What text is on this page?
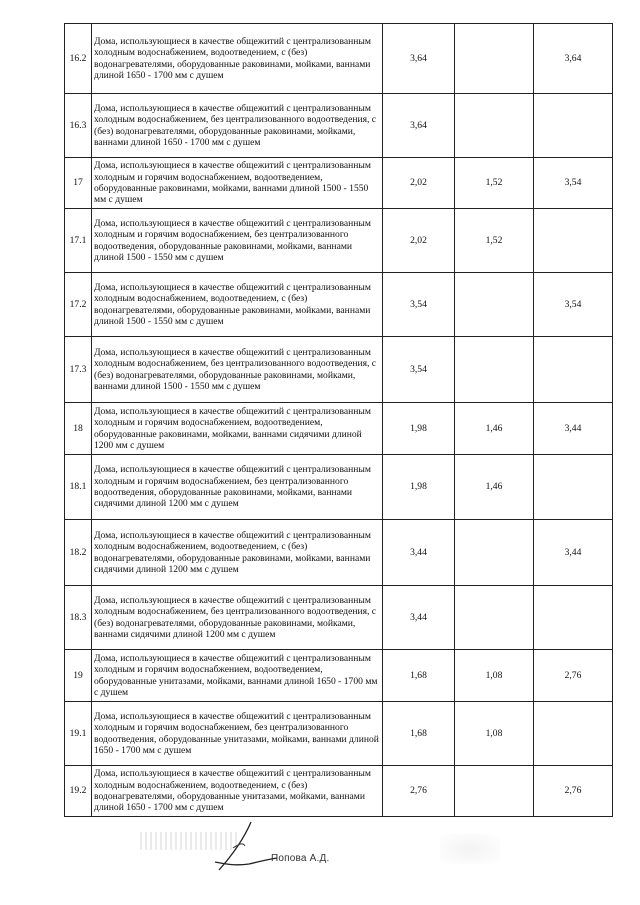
16.2	Дома, использующиеся в качестве общежитий с централизованным холодным водоснабжением, водоотведением, с (без) водонагревателями, оборудованные раковинами, мойками, ваннами длиной 1650 - 1700 мм с душем	3,64		3,64
16.3	Дома, использующиеся в качестве общежитий с централизованным холодным водоснабжением, без централизованного водоотведения, с (без) водонагревателями, оборудованные раковинами, мойками, ваннами длиной 1650 - 1700 мм с душем	3,64		
17	Дома, использующиеся в качестве общежитий с централизованным холодным и горячим водоснабжением, водоотведением, оборудованные раковинами, мойками, ваннами длиной 1500 - 1550 мм с душем	2,02	1,52	3,54
17.1	Дома, использующиеся в качестве общежитий с централизованным холодным и горячим водоснабжением, без централизованного водоотведения, оборудованные раковинами, мойками, ваннами длиной 1500 - 1550 мм с душем	2,02	1,52	
17.2	Дома, использующиеся в качестве общежитий с централизованным холодным водоснабжением, водоотведением, с (без) водонагревателями, оборудованные раковинами, мойками, ваннами длиной 1500 - 1550 мм с душем	3,54		3,54
17.3	Дома, использующиеся в качестве общежитий с централизованным холодным водоснабжением, без централизованного водоотведения, с (без) водонагревателями, оборудованные раковинами, мойками, ваннами длиной 1500 - 1550 мм с душем	3,54		
18	Дома, использующиеся в качестве общежитий с централизованным холодным и горячим водоснабжением, водоотведением, оборудованные раковинами, мойками, ваннами сидячими длиной 1200 мм с душем	1,98	1,46	3,44
18.1	Дома, использующиеся в качестве общежитий с централизованным холодным и горячим водоснабжением, без централизованного водоотведения, оборудованные раковинами, мойками, ваннами сидячими длиной 1200 мм с душем	1,98	1,46	
18.2	Дома, использующиеся в качестве общежитий с централизованным холодным водоснабжением, водоотведением, с (без) водонагревателями, оборудованные раковинами, мойками, ваннами сидячими длиной 1200 мм с душем	3,44		3,44
18.3	Дома, использующиеся в качестве общежитий с централизованным холодным водоснабжением, без централизованного водоотведения, с (без) водонагревателями, оборудованные раковинами, мойками, ваннами сидячими длиной 1200 мм с душем	3,44		
19	Дома, использующиеся в качестве общежитий с централизованным холодным и горячим водоснабжением, водоотведением, оборудованные унитазами, мойками, ваннами длиной 1650 - 1700 мм с душем	1,68	1,08	2,76
19.1	Дома, использующиеся в качестве общежитий с централизованным холодным и горячим водоснабжением, без централизованного водоотведения, оборудованные унитазами, мойками, ваннами длиной 1650 - 1700 мм с душем	1,68	1,08	
19.2	Дома, использующиеся в качестве общежитий с централизованным холодным водоснабжением, водоотведением, с (без) водонагревателями, оборудованные унитазами, мойками, ваннами длиной 1650 - 1700 мм с душем	2,76		2,76
Попова А.Д.
